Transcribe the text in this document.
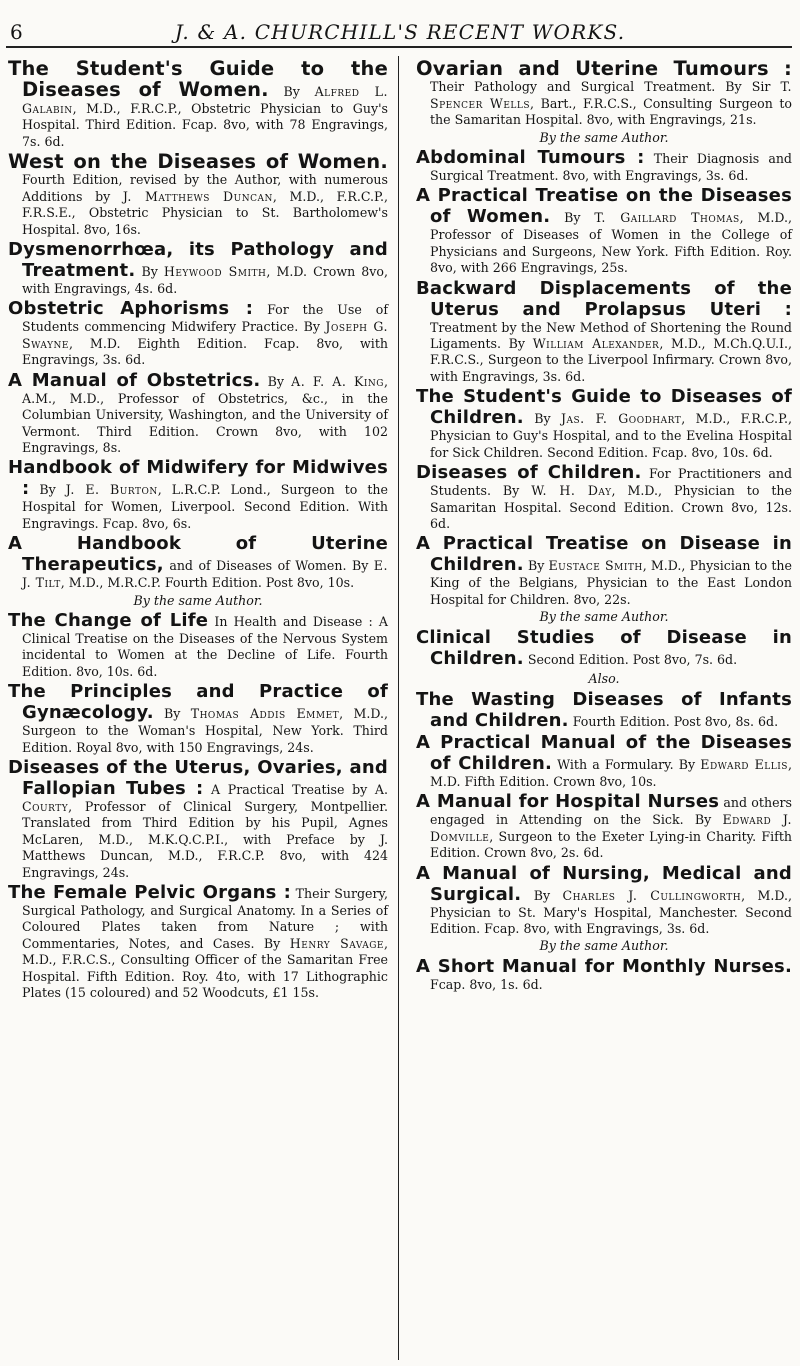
6	J. & A. CHURCHILL'S RECENT WORKS.

The Student's Guide to the Diseases of Women. By Alfred L. Galabin, M.D., F.R.C.P., Obstetric Physician to Guy's Hospital. Third Edition. Fcap. 8vo, with 78 Engravings, 7s. 6d.

West on the Diseases of Women. Fourth Edition, revised by the Author, with numerous Additions by J. Matthews Duncan, M.D., F.R.C.P., F.R.S.E., Obstetric Physician to St. Bartholomew's Hospital. 8vo, 16s.

Dysmenorrhœa, its Pathology and Treatment. By Heywood Smith, M.D. Crown 8vo, with Engravings, 4s. 6d.

Obstetric Aphorisms : For the Use of Students commencing Midwifery Practice. By Joseph G. Swayne, M.D. Eighth Edition. Fcap. 8vo, with Engravings, 3s. 6d.

A Manual of Obstetrics. By A. F. A. King, A.M., M.D., Professor of Obstetrics, &c., in the Columbian University, Washington, and the University of Vermont. Third Edition. Crown 8vo, with 102 Engravings, 8s.

Handbook of Midwifery for Midwives : By J. E. Burton, L.R.C.P. Lond., Surgeon to the Hospital for Women, Liverpool. Second Edition. With Engravings. Fcap. 8vo, 6s.

A Handbook of Uterine Therapeutics, and of Diseases of Women. By E. J. Tilt, M.D., M.R.C.P. Fourth Edition. Post 8vo, 10s.

By the same Author.

The Change of Life In Health and Disease : A Clinical Treatise on the Diseases of the Nervous System incidental to Women at the Decline of Life. Fourth Edition. 8vo, 10s. 6d.

The Principles and Practice of Gynæcology. By Thomas Addis Emmet, M.D., Surgeon to the Woman's Hospital, New York. Third Edition. Royal 8vo, with 150 Engravings, 24s.

Diseases of the Uterus, Ovaries, and Fallopian Tubes : A Practical Treatise by A. Courty, Professor of Clinical Surgery, Montpellier. Translated from Third Edition by his Pupil, Agnes McLaren, M.D., M.K.Q.C.P.I., with Preface by J. Matthews Duncan, M.D., F.R.C.P. 8vo, with 424 Engravings, 24s.

The Female Pelvic Organs : Their Surgery, Surgical Pathology, and Surgical Anatomy. In a Series of Coloured Plates taken from Nature ; with Commentaries, Notes, and Cases. By Henry Savage, M.D., F.R.C.S., Consulting Officer of the Samaritan Free Hospital. Fifth Edition. Roy. 4to, with 17 Lithographic Plates (15 coloured) and 52 Woodcuts, £1 15s.

Ovarian and Uterine Tumours : Their Pathology and Surgical Treatment. By Sir T. Spencer Wells, Bart., F.R.C.S., Consulting Surgeon to the Samaritan Hospital. 8vo, with Engravings, 21s.

By the same Author.

Abdominal Tumours : Their Diagnosis and Surgical Treatment. 8vo, with Engravings, 3s. 6d.

A Practical Treatise on the Diseases of Women. By T. Gaillard Thomas, M.D., Professor of Diseases of Women in the College of Physicians and Surgeons, New York. Fifth Edition. Roy. 8vo, with 266 Engravings, 25s.

Backward Displacements of the Uterus and Prolapsus Uteri : Treatment by the New Method of Shortening the Round Ligaments. By William Alexander, M.D., M.Ch.Q.U.I., F.R.C.S., Surgeon to the Liverpool Infirmary. Crown 8vo, with Engravings, 3s. 6d.

The Student's Guide to Diseases of Children. By Jas. F. Goodhart, M.D., F.R.C.P., Physician to Guy's Hospital, and to the Evelina Hospital for Sick Children. Second Edition. Fcap. 8vo, 10s. 6d.

Diseases of Children. For Practitioners and Students. By W. H. Day, M.D., Physician to the Samaritan Hospital. Second Edition. Crown 8vo, 12s. 6d.

A Practical Treatise on Disease in Children. By Eustace Smith, M.D., Physician to the King of the Belgians, Physician to the East London Hospital for Children. 8vo, 22s.

By the same Author.

Clinical Studies of Disease in Children. Second Edition. Post 8vo, 7s. 6d.

Also.

The Wasting Diseases of Infants and Children. Fourth Edition. Post 8vo, 8s. 6d.

A Practical Manual of the Diseases of Children. With a Formulary. By Edward Ellis, M.D. Fifth Edition. Crown 8vo, 10s.

A Manual for Hospital Nurses and others engaged in Attending on the Sick. By Edward J. Domville, Surgeon to the Exeter Lying-in Charity. Fifth Edition. Crown 8vo, 2s. 6d.

A Manual of Nursing, Medical and Surgical. By Charles J. Cullingworth, M.D., Physician to St. Mary's Hospital, Manchester. Second Edition. Fcap. 8vo, with Engravings, 3s. 6d.

By the same Author.

A Short Manual for Monthly Nurses. Fcap. 8vo, 1s. 6d.
